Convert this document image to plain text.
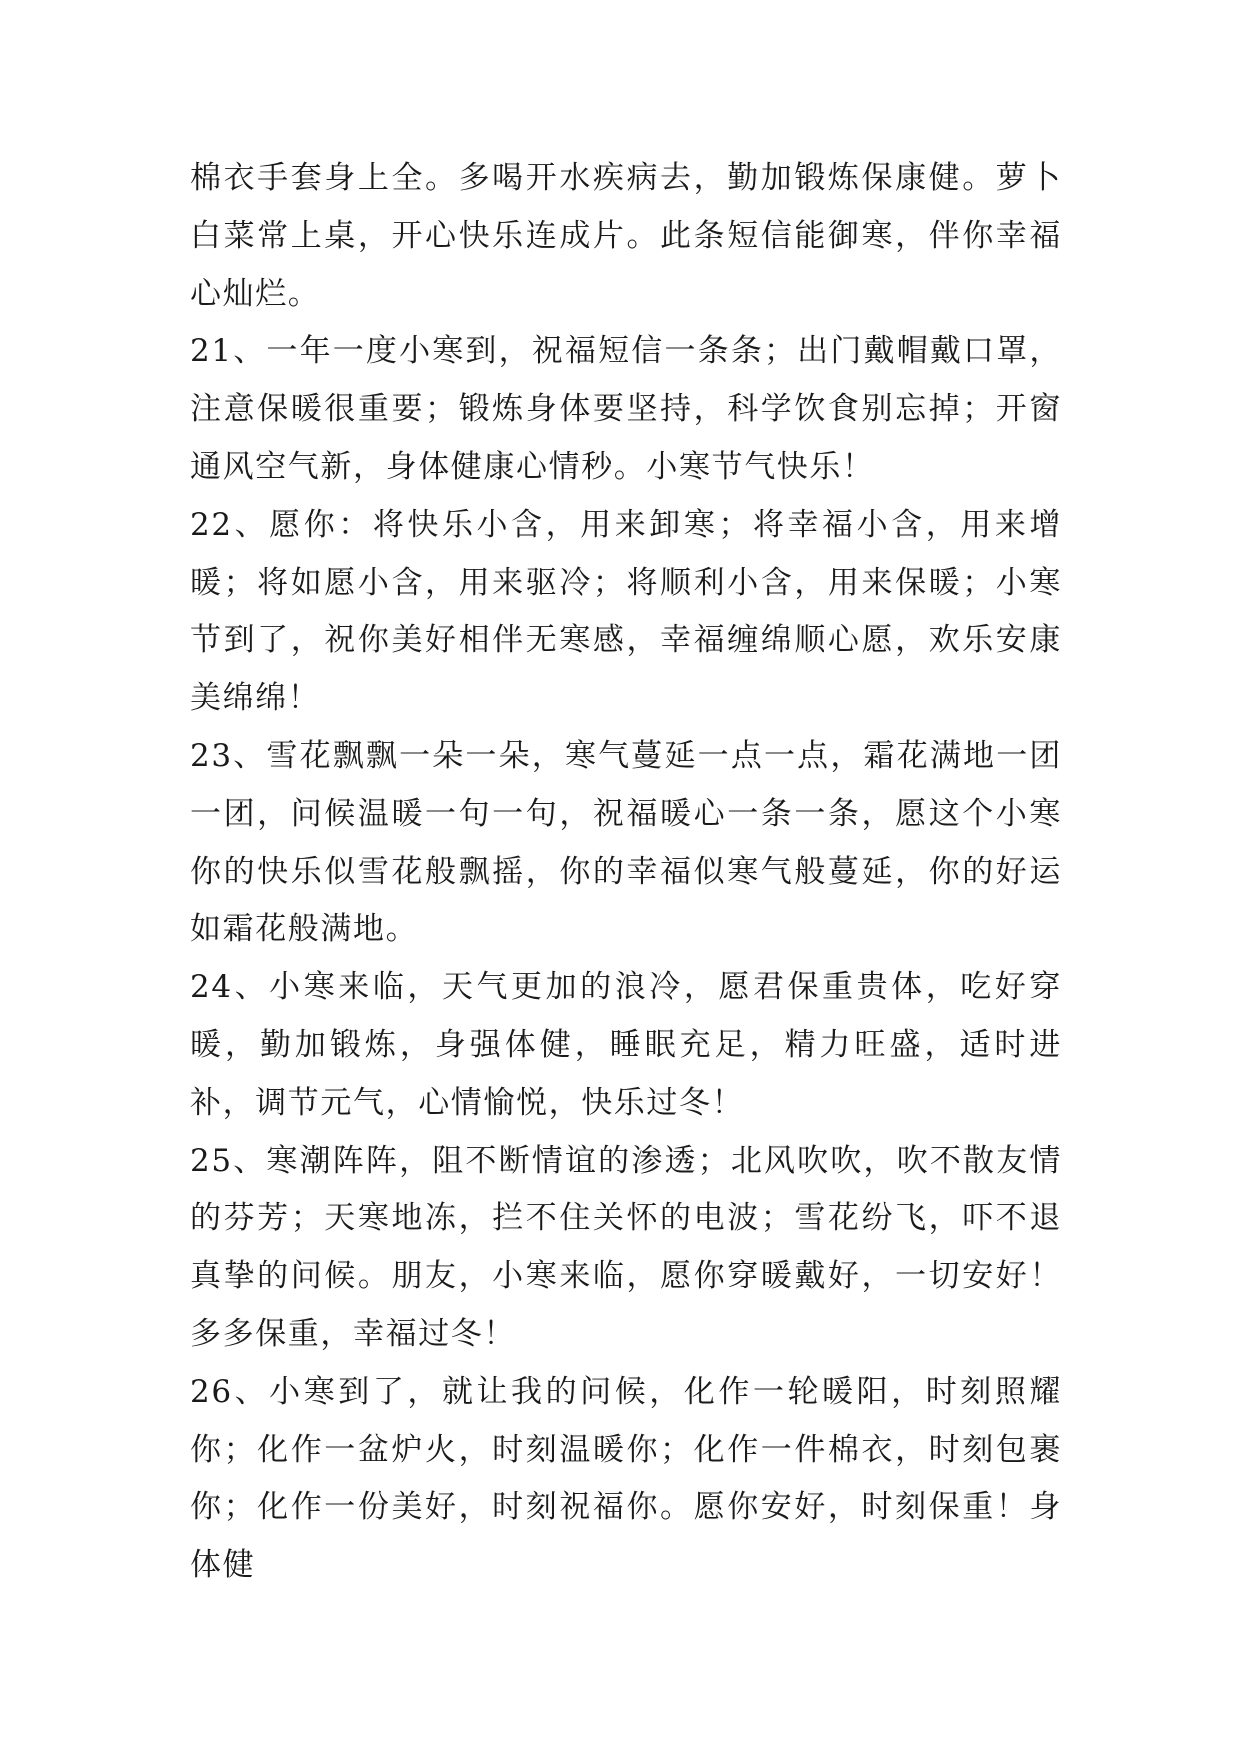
棉衣手套身上全。多喝开水疾病去，勤加锻炼保康健。萝卜白菜常上桌，开心快乐连成片。此条短信能御寒，伴你幸福心灿烂。

21、一年一度小寒到，祝福短信一条条；出门戴帽戴口罩，注意保暖很重要；锻炼身体要坚持，科学饮食别忘掉；开窗通风空气新，身体健康心情秒。小寒节气快乐！

22、愿你：将快乐小含，用来卸寒；将幸福小含，用来增暖；将如愿小含，用来驱冷；将顺利小含，用来保暖；小寒节到了，祝你美好相伴无寒感，幸福缠绵顺心愿，欢乐安康美绵绵！

23、雪花飘飘一朵一朵，寒气蔓延一点一点，霜花满地一团一团，问候温暖一句一句，祝福暖心一条一条，愿这个小寒你的快乐似雪花般飘摇，你的幸福似寒气般蔓延，你的好运如霜花般满地。

24、小寒来临，天气更加的浪冷，愿君保重贵体，吃好穿暖，勤加锻炼，身强体健，睡眠充足，精力旺盛，适时进补，调节元气，心情愉悦，快乐过冬！

25、寒潮阵阵，阻不断情谊的渗透；北风吹吹，吹不散友情的芬芳；天寒地冻，拦不住关怀的电波；雪花纷飞，吓不退真挚的问候。朋友，小寒来临，愿你穿暖戴好，一切安好！多多保重，幸福过冬！

26、小寒到了，就让我的问候，化作一轮暖阳，时刻照耀你；化作一盆炉火，时刻温暖你；化作一件棉衣，时刻包裹你；化作一份美好，时刻祝福你。愿你安好，时刻保重！身体健
